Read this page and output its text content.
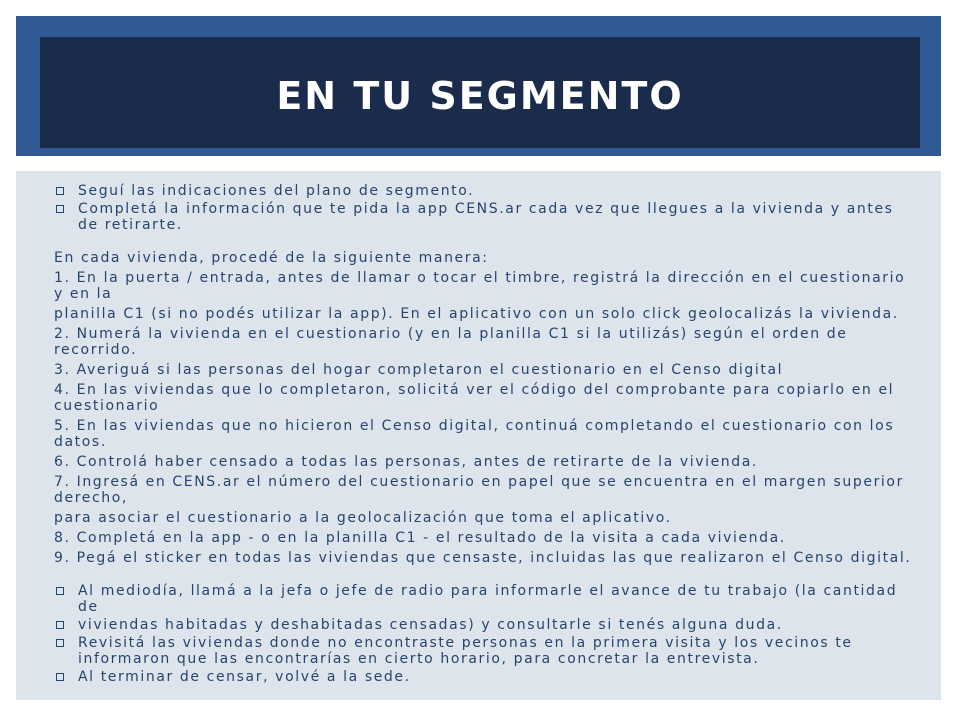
EN TU SEGMENTO
Seguí las indicaciones del plano de segmento.
Completá la información que te pida la app CENS.ar cada vez que llegues a la vivienda y antes de retirarte.
En cada vivienda, procedé de la siguiente manera:
1. En la puerta / entrada, antes de llamar o tocar el timbre, registrá la dirección en el cuestionario y en la
planilla C1 (si no podés utilizar la app). En el aplicativo con un solo click geolocalizás la vivienda.
2. Numerá la vivienda en el cuestionario (y en la planilla C1 si la utilizás) según el orden de recorrido.
3. Averiguá si las personas del hogar completaron el cuestionario en el Censo digital
4. En las viviendas que lo completaron, solicitá ver el código del comprobante para copiarlo en el cuestionario
5. En las viviendas que no hicieron el Censo digital, continuá completando el cuestionario con los datos.
6. Controlá haber censado a todas las personas, antes de retirarte de la vivienda.
7. Ingresá en CENS.ar el número del cuestionario en papel que se encuentra en el margen superior derecho,
para asociar el cuestionario a la geolocalización que toma el aplicativo.
8. Completá en la app - o en la planilla C1 - el resultado de la visita a cada vivienda.
9. Pegá el sticker en todas las viviendas que censaste, incluidas las que realizaron el Censo digital.
Al mediodía, llamá a la jefa o jefe de radio para informarle el avance de tu trabajo (la cantidad de
viviendas habitadas y deshabitadas censadas) y consultarle si tenés alguna duda.
Revisitá las viviendas donde no encontraste personas en la primera visita y los vecinos te informaron que las encontrarías en cierto horario, para concretar la entrevista.
Al terminar de censar, volvé a la sede.
